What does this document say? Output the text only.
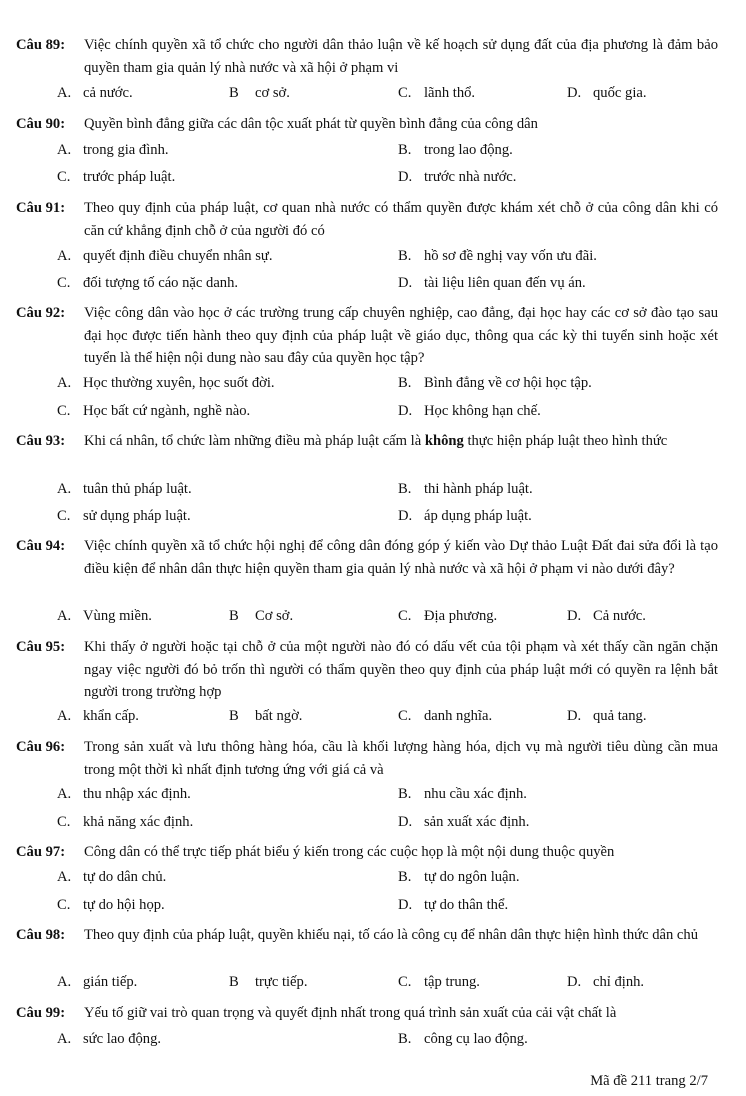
Câu 89: Việc chính quyền xã tổ chức cho người dân thảo luận về kế hoạch sử dụng đất của địa phương là đảm bảo quyền tham gia quản lý nhà nước và xã hội ở phạm vi
A. cả nước.	B cơ sở.	C. lãnh thổ.	D. quốc gia.
Câu 90: Quyền bình đẳng giữa các dân tộc xuất phát từ quyền bình đẳng của công dân
A. trong gia đình.	B. trong lao động.
C. trước pháp luật.	D. trước nhà nước.
Câu 91: Theo quy định của pháp luật, cơ quan nhà nước có thẩm quyền được khám xét chỗ ở của công dân khi có căn cứ khẳng định chỗ ở của người đó có
A. quyết định điều chuyển nhân sự.	B. hồ sơ đề nghị vay vốn ưu đãi.
C. đối tượng tố cáo nặc danh.	D. tài liệu liên quan đến vụ án.
Câu 92: Việc công dân vào học ở các trường trung cấp chuyên nghiệp, cao đẳng, đại học hay các cơ sở đào tạo sau đại học được tiến hành theo quy định của pháp luật về giáo dục, thông qua các kỳ thi tuyển sinh hoặc xét tuyển là thể hiện nội dung nào sau đây của quyền học tập?
A. Học thường xuyên, học suốt đời.	B. Bình đẳng về cơ hội học tập.
C. Học bất cứ ngành, nghề nào.	D. Học không hạn chế.
Câu 93: Khi cá nhân, tổ chức làm những điều mà pháp luật cấm là không thực hiện pháp luật theo hình thức
A. tuân thủ pháp luật.	B. thi hành pháp luật.
C. sử dụng pháp luật.	D. áp dụng pháp luật.
Câu 94: Việc chính quyền xã tổ chức hội nghị để công dân đóng góp ý kiến vào Dự thảo Luật Đất đai sửa đổi là tạo điều kiện để nhân dân thực hiện quyền tham gia quản lý nhà nước và xã hội ở phạm vi nào dưới đây?
A. Vùng miền.	B Cơ sở.	C. Địa phương.	D. Cả nước.
Câu 95: Khi thấy ở người hoặc tại chỗ ở của một người nào đó có dấu vết của tội phạm và xét thấy cần ngăn chặn ngay việc người đó bỏ trốn thì người có thẩm quyền theo quy định của pháp luật mới có quyền ra lệnh bắt người trong trường hợp
A. khẩn cấp.	B bất ngờ.	C. danh nghĩa.	D. quả tang.
Câu 96: Trong sản xuất và lưu thông hàng hóa, cầu là khối lượng hàng hóa, dịch vụ mà người tiêu dùng cần mua trong một thời kì nhất định tương ứng với giá cả và
A. thu nhập xác định.	B. nhu cầu xác định.
C. khả năng xác định.	D. sản xuất xác định.
Câu 97: Công dân có thể trực tiếp phát biểu ý kiến trong các cuộc họp là một nội dung thuộc quyền
A. tự do dân chủ.	B. tự do ngôn luận.
C. tự do hội họp.	D. tự do thân thể.
Câu 98: Theo quy định của pháp luật, quyền khiếu nại, tố cáo là công cụ để nhân dân thực hiện hình thức dân chủ
A. gián tiếp.	B trực tiếp.	C. tập trung.	D. chỉ định.
Câu 99: Yếu tố giữ vai trò quan trọng và quyết định nhất trong quá trình sản xuất của cải vật chất là
A. sức lao động.	B. công cụ lao động.
Mã đề 211 trang 2/7
